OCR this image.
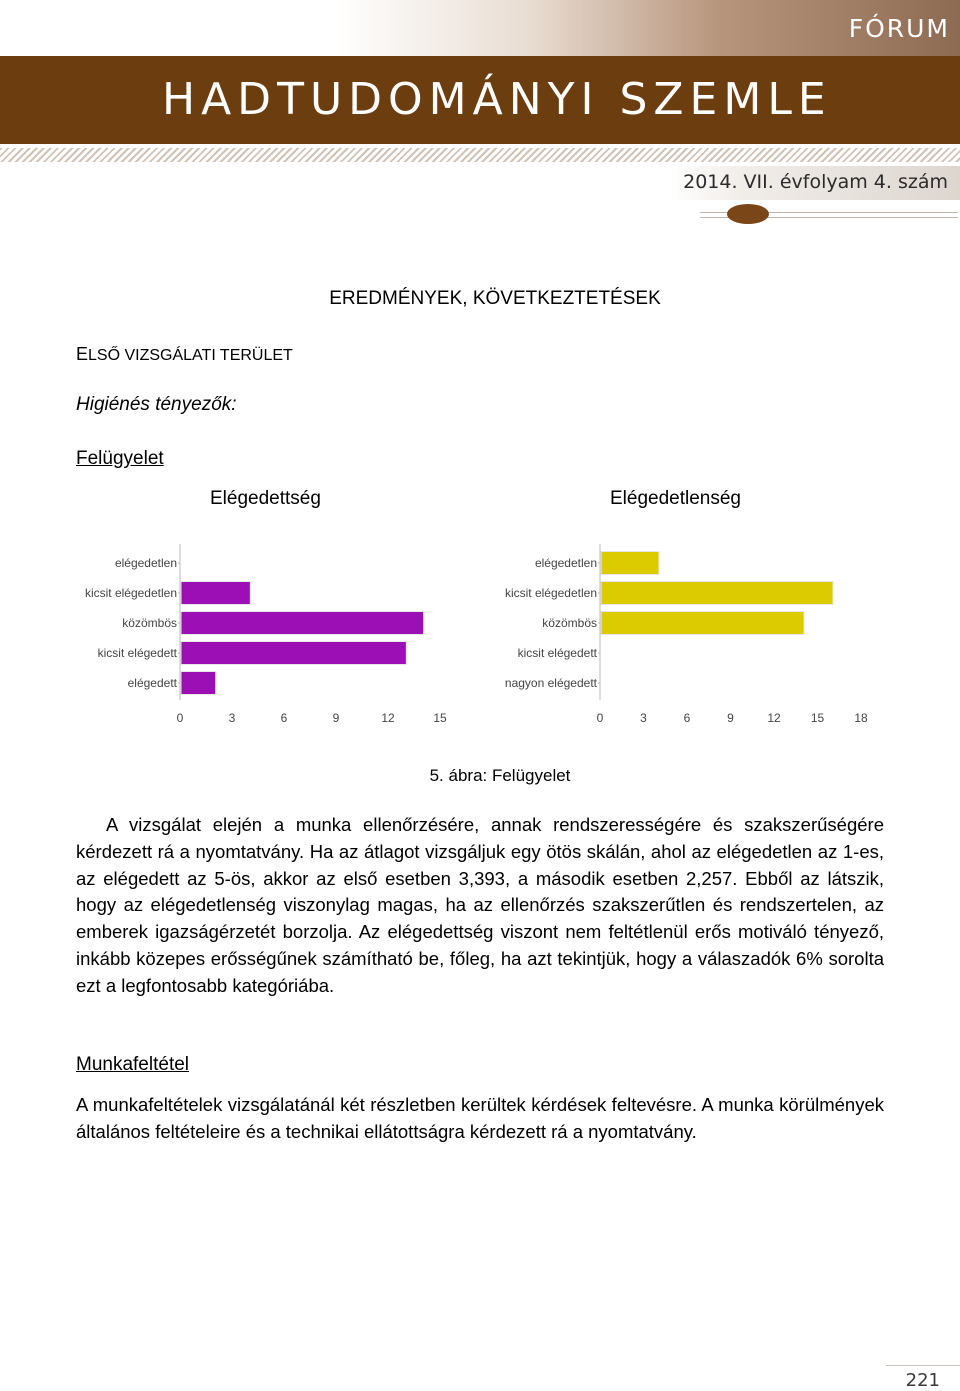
FÓRUM
HADTUDOMÁNYI SZEMLE
2014. VII. évfolyam 4. szám
EREDMÉNYEK, KÖVETKEZTETÉSEK
ELSŐ VIZSGÁLATI TERÜLET
Higiénés tényezők:
Felügyelet
Elégedettség	Elégedetlenség
elégedetlen
kicsit elégedetlen
közömbös
kicsit elégedett
elégedett
0	3	6	9	12	15
elégedetlen
kicsit elégedetlen
közömbös
kicsit elégedett
nagyon elégedett
0	3	6	9	12	15	18
5. ábra: Felügyelet
A vizsgálat elején a munka ellenőrzésére, annak rendszerességére és szakszerűségére kérdezett rá a nyomtatvány. Ha az átlagot vizsgáljuk egy ötös skálán, ahol az elégedetlen az 1-es, az elégedett az 5-ös, akkor az első esetben 3,393, a második esetben 2,257. Ebből az látszik, hogy az elégedetlenség viszonylag magas, ha az ellenőrzés szakszerűtlen és rendszertelen, az emberek igazságérzetét borzolja. Az elégedettség viszont nem feltétlenül erős motiváló tényező, inkább közepes erősségűnek számítható be, főleg, ha azt tekintjük, hogy a válaszadók 6% sorolta ezt a legfontosabb kategóriába.
Munkafeltétel
A munkafeltételek vizsgálatánál két részletben kerültek kérdések feltevésre. A munka körülmények általános feltételeire és a technikai ellátottságra kérdezett rá a nyomtatvány.
221
